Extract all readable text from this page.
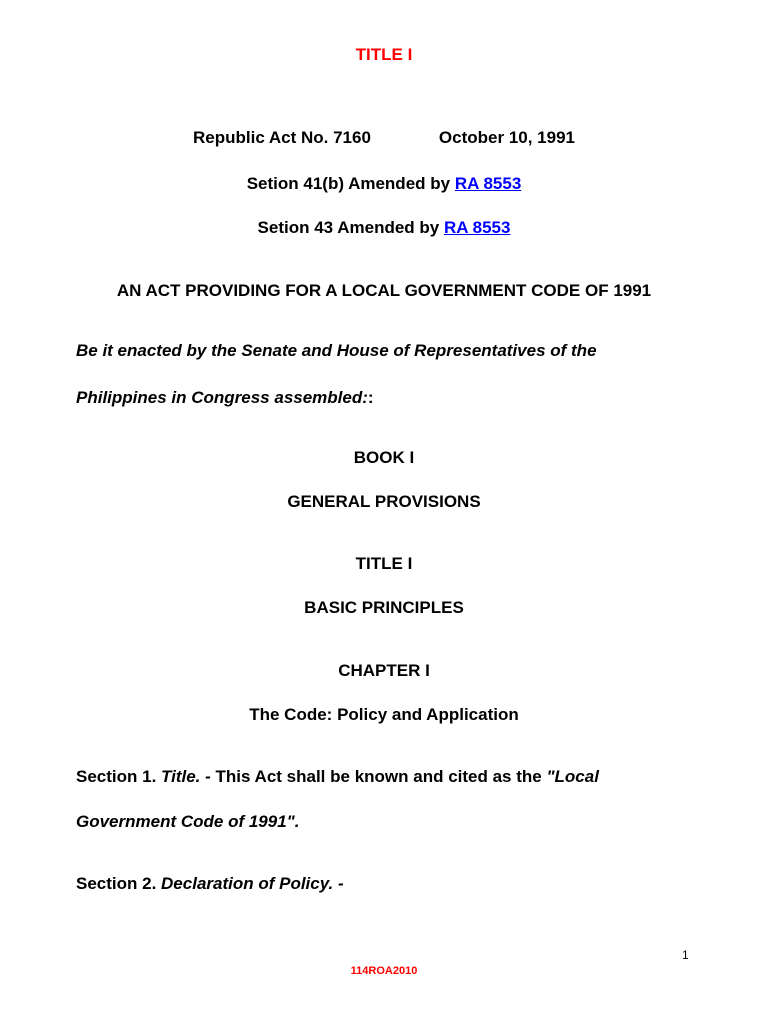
TITLE I
Republic Act No. 7160	October 10, 1991
Setion 41(b) Amended by RA 8553
Setion 43 Amended by RA 8553
AN ACT PROVIDING FOR A LOCAL GOVERNMENT CODE OF 1991
Be it enacted by the Senate and House of Representatives of the
Philippines in Congress assembled::
BOOK I
GENERAL PROVISIONS
TITLE I
BASIC PRINCIPLES
CHAPTER I
The Code: Policy and Application
Section 1. Title. - This Act shall be known and cited as the "Local
Government Code of 1991".
Section 2. Declaration of Policy. -
1
114ROA2010
